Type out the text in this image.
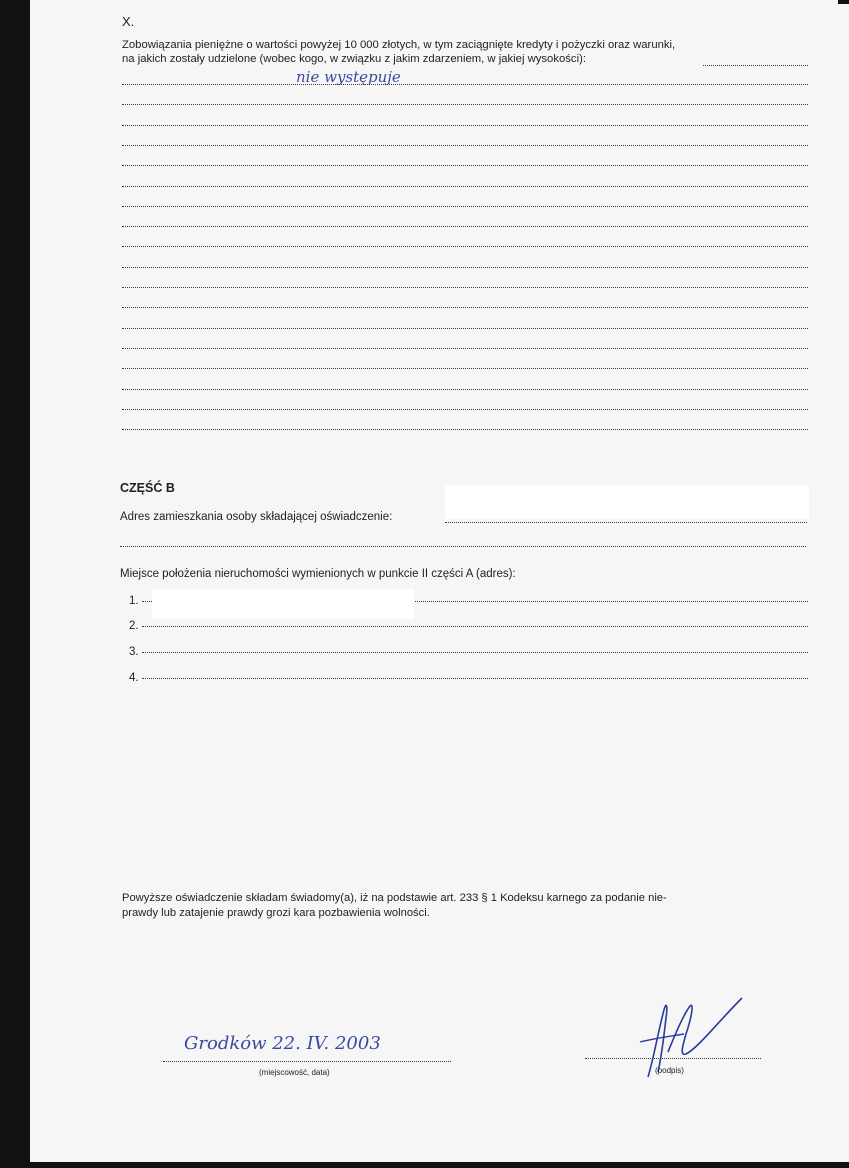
X.
Zobowiązania pieniężne o wartości powyżej 10 000 złotych, w tym zaciągnięte kredyty i pożyczki oraz warunki,
na jakich zostały udzielone (wobec kogo, w związku z jakim zdarzeniem, w jakiej wysokości):
nie występuje
CZĘŚĆ B
Adres zamieszkania osoby składającej oświadczenie:
Miejsce położenia nieruchomości wymienionych w punkcie II części A (adres):
1.
2.
3.
4.
Powyższe oświadczenie składam świadomy(a), iż na podstawie art. 233 § 1 Kodeksu karnego za podanie nie-
prawdy lub zatajenie prawdy grozi kara pozbawienia wolności.
Grodków 22. IV. 2003
(miejscowość, data)	(podpis)
